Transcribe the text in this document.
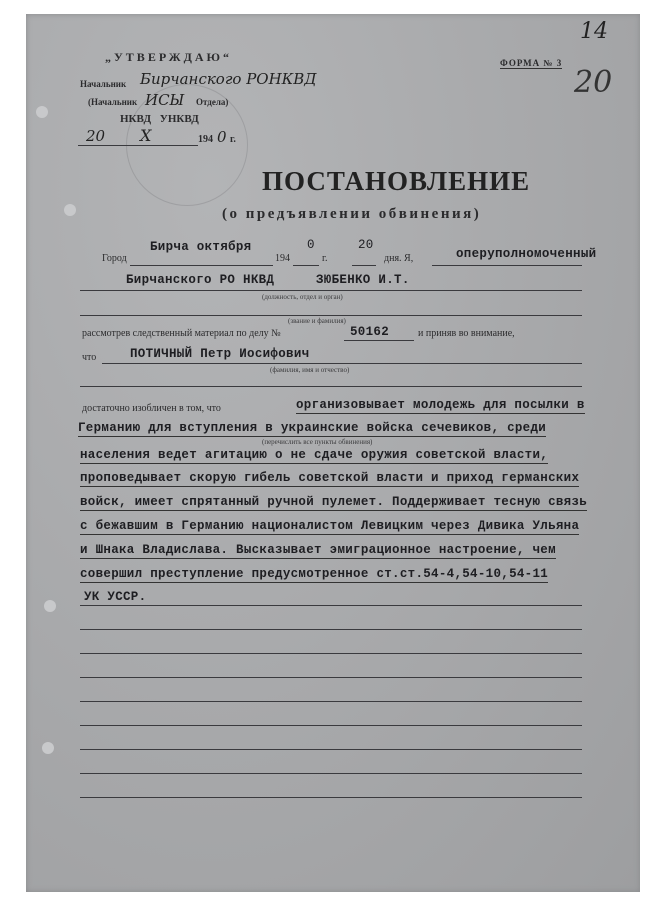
„УТВЕРЖДАЮ“
Начальник Бирчанского РОНКВД
(Начальник ИСЫ Отдела)
НКВД УНКВД
20 X	194 0 г.
ФОРМА № 3
14
20
ПОСТАНОВЛЕНИЕ
(о предъявлении обвинения)
Город
Бирча октября
194
0
г.
20
дня. Я,	оперуполномоченный
Бирчанского РО НКВД	ЗЮБЕНКО И.Т.
(должность, отдел и орган)
(звание и фамилия)
рассмотрев следственный материал по делу №	50162	и приняв во внимание,
что	ПОТИЧНЫЙ Петр Иосифович
(фамилия, имя и отчество)
достаточно изобличен в том, что	организовывает молодежь для посылки в
Германию для вступления в украинские войска сечевиков, среди
(перечислить все пункты обвинения)
населения ведет агитацию о не сдаче оружия советской власти,
проповедывает скорую гибель советской власти и приход германских
войск, имеет спрятанный ручной пулемет. Поддерживает тесную связь
с бежавшим в Германию националистом Левицким через Дивика Ульяна
и Шнака Владислава. Высказывает эмиграционное настроение, чем
совершил преступление предусмотренное ст.ст.54-4,54-10,54-11
УК УССР.
